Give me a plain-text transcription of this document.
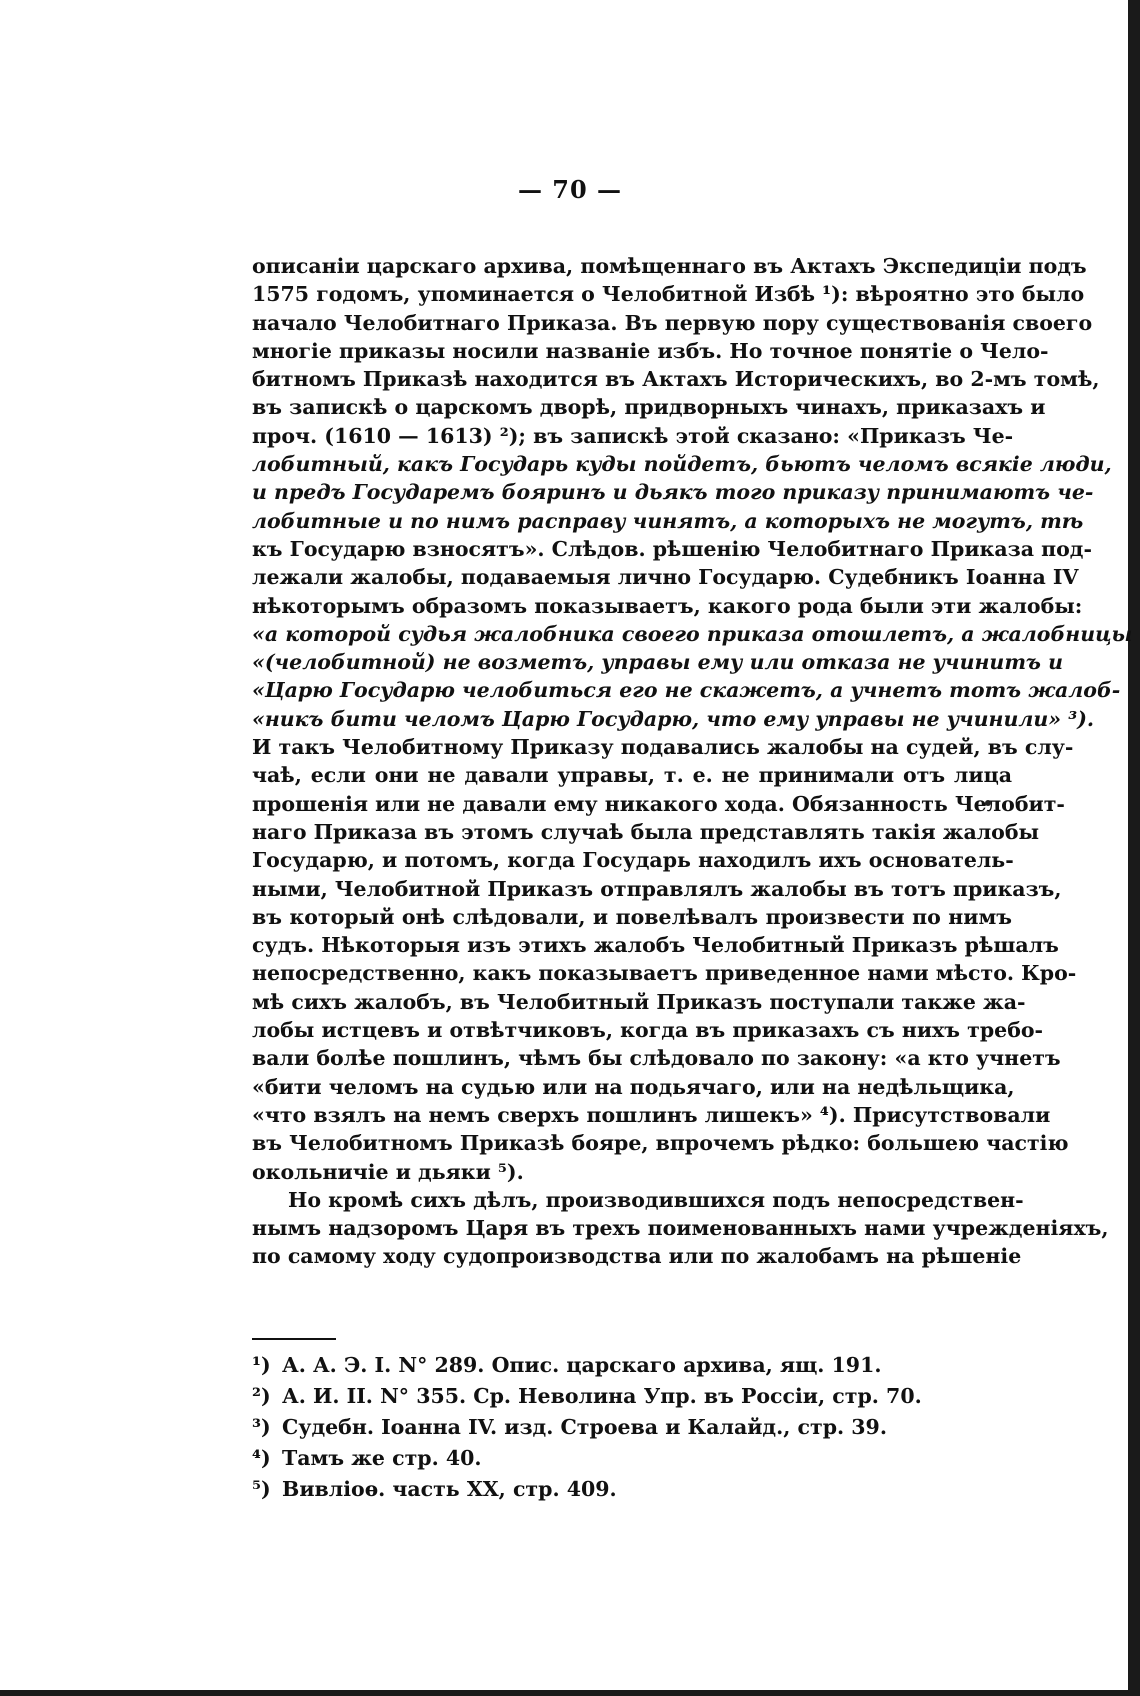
— 70 —
описаніи царскаго архива, помѣщеннаго въ Актахъ Экспедиціи подъ
1575 годомъ, упоминается о Челобитной Избѣ ¹): вѣроятно это было
начало Челобитнаго Приказа. Въ первую пору существованія своего
многіе приказы носили названіе избъ. Но точное понятіе о Чело-
битномъ Приказѣ находится въ Актахъ Историческихъ, во 2-мъ томѣ,
въ запискѣ о царскомъ дворѣ, придворныхъ чинахъ, приказахъ и
проч. (1610 — 1613) ²); въ запискѣ этой сказано: «Приказъ Че-
лобитный, какъ Государь куды пойдетъ, бьютъ челомъ всякіе люди,
и предъ Государемъ бояринъ и дьякъ того приказу принимаютъ че-
лобитные и по нимъ расправу чинятъ, а которыхъ не могутъ, тѣ
къ Государю взносятъ». Слѣдов. рѣшенію Челобитнаго Приказа под-
лежали жалобы, подаваемыя лично Государю. Судебникъ Іоанна IV
нѣкоторымъ образомъ показываетъ, какого рода были эти жалобы:
«а которой судья жалобника своего приказа отошлетъ, а жалобницы
«(челобитной) не возметъ, управы ему или отказа не учинитъ и
«Царю Государю челобиться его не скажетъ, а учнетъ тотъ жалоб-
«никъ бити челомъ Царю Государю, что ему управы не учинили» ³).
И такъ Челобитному Приказу подавались жалобы на судей, въ слу-
чаѣ, если они не давали управы, т. е. не принимали отъ лица
прошенія или не давали ему никакого хода. Обязанность Челобит-
наго Приказа въ этомъ случаѣ была представлять такія жалобы
Государю, и потомъ, когда Государь находилъ ихъ основатель-
ными, Челобитной Приказъ отправлялъ жалобы въ тотъ приказъ,
въ который онѣ слѣдовали, и повелѣвалъ произвести по нимъ
судъ. Нѣкоторыя изъ этихъ жалобъ Челобитный Приказъ рѣшалъ
непосредственно, какъ показываетъ приведенное нами мѣсто. Кро-
мѣ сихъ жалобъ, въ Челобитный Приказъ поступали также жа-
лобы истцевъ и отвѣтчиковъ, когда въ приказахъ съ нихъ требо-
вали болѣе пошлинъ, чѣмъ бы слѣдовало по закону: «а кто учнетъ
«бити челомъ на судью или на подьячаго, или на недѣльщика,
«что взялъ на немъ сверхъ пошлинъ лишекъ» ⁴). Присутствовали
въ Челобитномъ Приказѣ бояре, впрочемъ рѣдко: большею частію
окольничіе и дьяки ⁵).
Но кромѣ сихъ дѣлъ, производившихся подъ непосредствен-
нымъ надзоромъ Царя въ трехъ поименованныхъ нами учрежденіяхъ,
по самому ходу судопроизводства или по жалобамъ на рѣшеніе
¹) А. А. Э. I. N° 289. Опис. царскаго архива, ящ. 191.
²) А. И. II. N° 355. Ср. Неволина Упр. въ Россіи, стр. 70.
³) Судебн. Іоанна IV. изд. Строева и Калайд., стр. 39.
⁴) Тамъ же стр. 40.
⁵) Вивліоѳ. часть XX, стр. 409.
